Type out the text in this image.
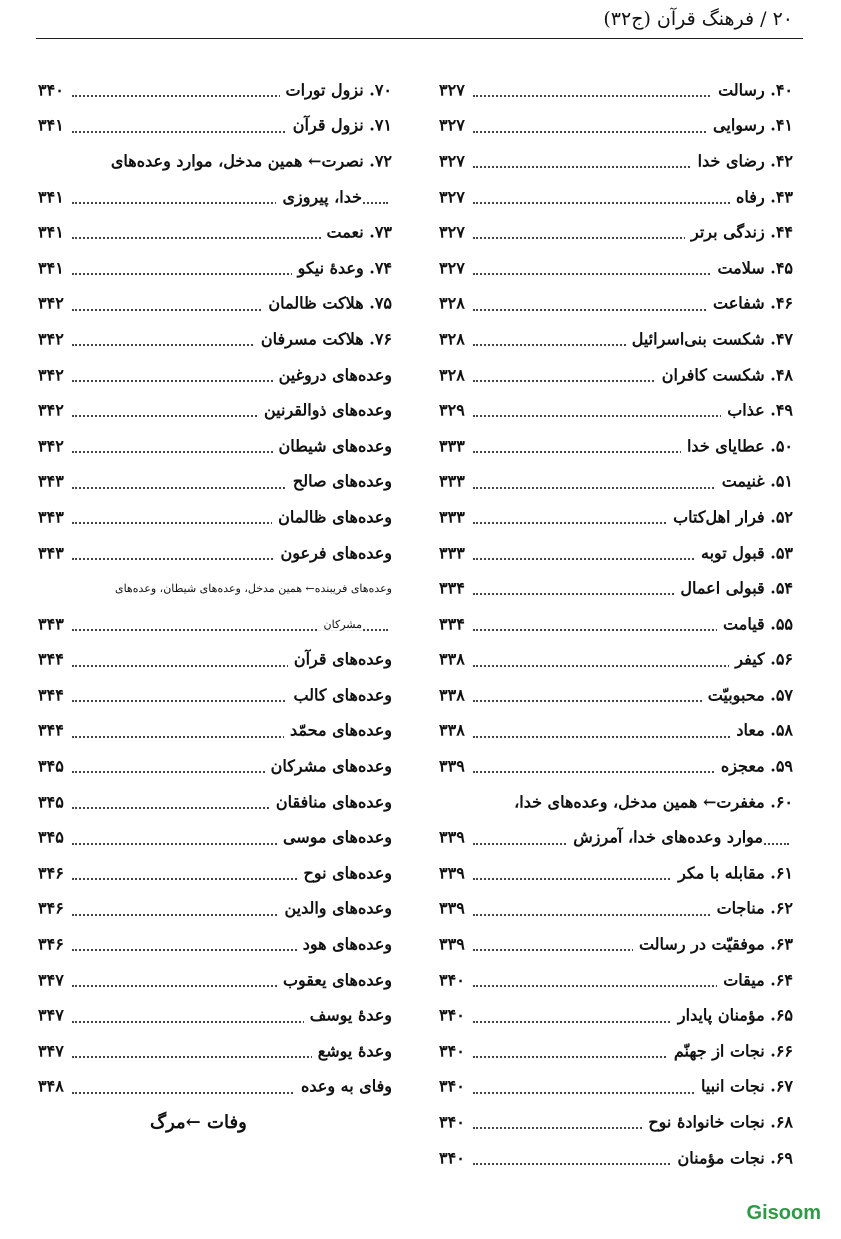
۲۰ / فرهنگ قرآن (ج۳۲)
۴۰. رسالت
۳۲۷
۴۱. رسوایی
۳۲۷
۴۲. رضای خدا
۳۲۷
۴۳. رفاه
۳۲۷
۴۴. زندگی برتر
۳۲۷
۴۵. سلامت
۳۲۷
۴۶. شفاعت
۳۲۸
۴۷. شکست بنی‌اسرائیل
۳۲۸
۴۸. شکست کافران
۳۲۸
۴۹. عذاب
۳۲۹
۵۰. عطایای خدا
۳۳۳
۵۱. غنیمت
۳۳۳
۵۲. فرار اهل‌کتاب
۳۳۳
۵۳. قبول توبه
۳۳۳
۵۴. قبولی اعمال
۳۳۴
۵۵. قیامت
۳۳۴
۵۶. کیفر
۳۳۸
۵۷. محبوبیّت
۳۳۸
۵۸. معاد
۳۳۸
۵۹. معجزه
۳۳۹
۶۰. مغفرت← همین مدخل، وعده‌های خدا،
موارد وعده‌های خدا، آمرزش
۳۳۹
۶۱. مقابله با مکر
۳۳۹
۶۲. مناجات
۳۳۹
۶۳. موفقیّت در رسالت
۳۳۹
۶۴. میقات
۳۴۰
۶۵. مؤمنان پایدار
۳۴۰
۶۶. نجات از جهنّم
۳۴۰
۶۷. نجات انبیا
۳۴۰
۶۸. نجات خانوادهٔ نوح
۳۴۰
۶۹. نجات مؤمنان
۳۴۰
۷۰. نزول تورات
۳۴۰
۷۱. نزول قرآن
۳۴۱
۷۲. نصرت← همین مدخل، موارد وعده‌های
خدا، پیروزی
۳۴۱
۷۳. نعمت
۳۴۱
۷۴. وعدهٔ نیکو
۳۴۱
۷۵. هلاکت ظالمان
۳۴۲
۷۶. هلاکت مسرفان
۳۴۲
وعده‌های دروغین
۳۴۲
وعده‌های ذوالقرنین
۳۴۲
وعده‌های شیطان
۳۴۲
وعده‌های صالح
۳۴۳
وعده‌های ظالمان
۳۴۳
وعده‌های فرعون
۳۴۳
وعده‌های فریبنده← همین مدخل، وعده‌های شیطان، وعده‌های
مشرکان
۳۴۳
وعده‌های قرآن
۳۴۴
وعده‌های کالب
۳۴۴
وعده‌های محمّد
۳۴۴
وعده‌های مشرکان
۳۴۵
وعده‌های منافقان
۳۴۵
وعده‌های موسی
۳۴۵
وعده‌های نوح
۳۴۶
وعده‌های والدین
۳۴۶
وعده‌های هود
۳۴۶
وعده‌های یعقوب
۳۴۷
وعدهٔ یوسف
۳۴۷
وعدهٔ یوشع
۳۴۷
وفای به وعده
۳۴۸
وفات ←مرگ
Gisoom
